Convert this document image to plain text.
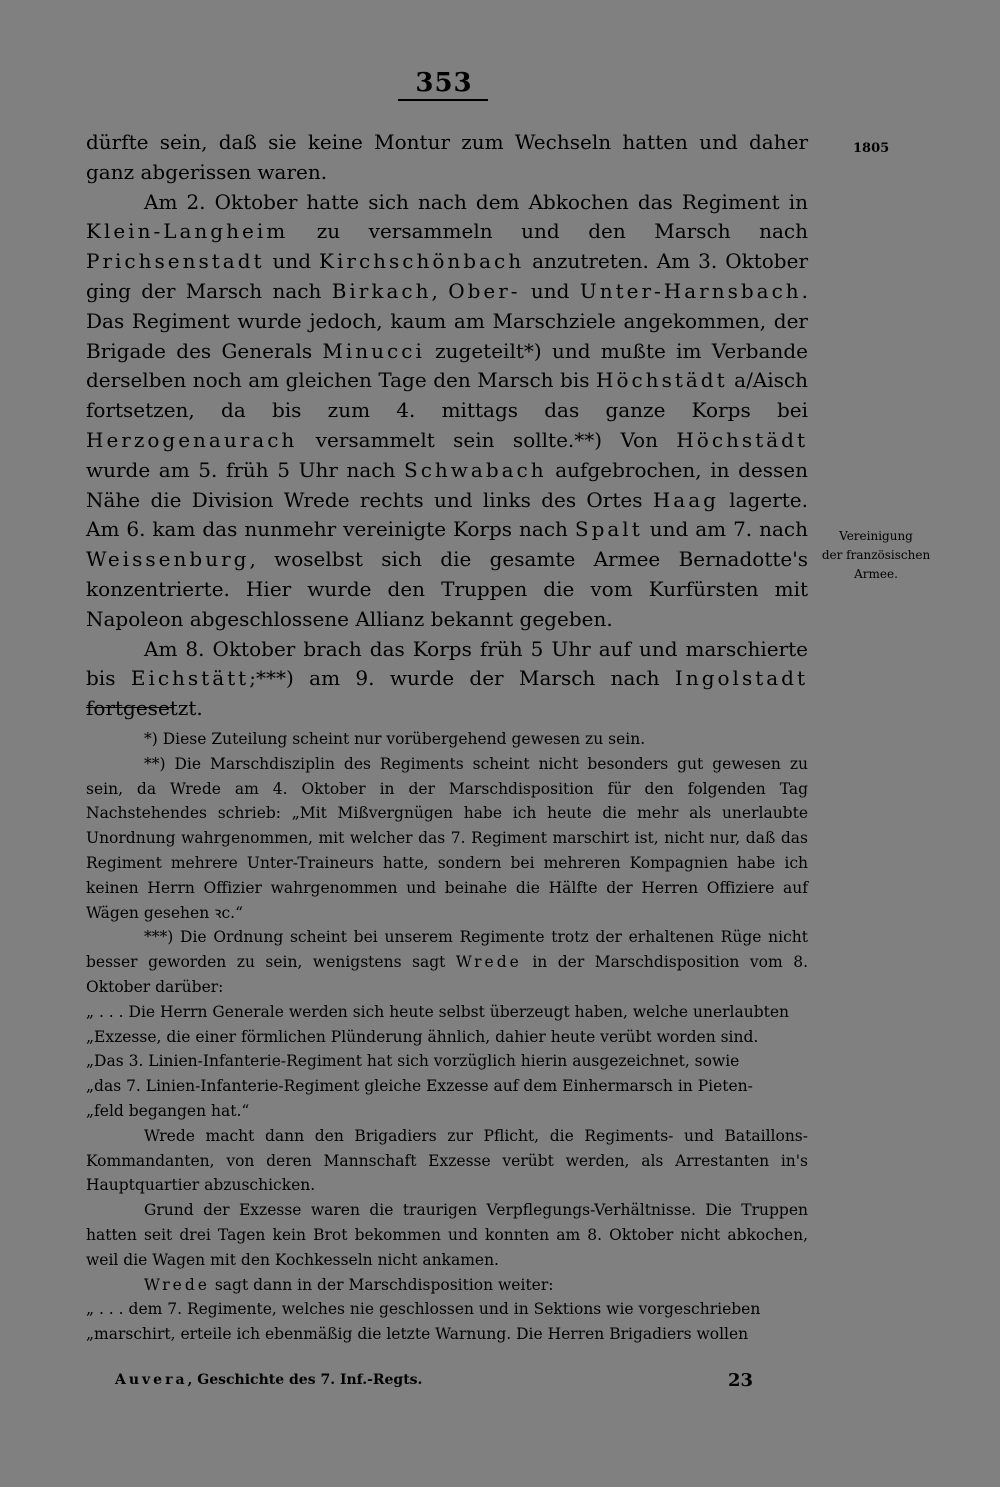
353
1805
Vereinigung
der französischen
Armee.

dürfte sein, daß sie keine Montur zum Wechseln hatten und daher ganz abgerissen waren.

Am 2. Oktober hatte sich nach dem Abkochen das Regiment in Klein-Langheim zu versammeln und den Marsch nach Prichsenstadt und Kirchschönbach anzutreten. Am 3. Oktober ging der Marsch nach Birkach, Ober- und Unter-Harnsbach. Das Regiment wurde jedoch, kaum am Marschziele angekommen, der Brigade des Generals Minucci zugeteilt*) und mußte im Verbande derselben noch am gleichen Tage den Marsch bis Höchstädt a/Aisch fortsetzen, da bis zum 4. mittags das ganze Korps bei Herzogenaurach versammelt sein sollte.**) Von Höchstädt wurde am 5. früh 5 Uhr nach Schwabach aufgebrochen, in dessen Nähe die Division Wrede rechts und links des Ortes Haag lagerte. Am 6. kam das nunmehr vereinigte Korps nach Spalt und am 7. nach Weissenburg, woselbst sich die gesamte Armee Bernadotte's konzentrierte. Hier wurde den Truppen die vom Kurfürsten mit Napoleon abgeschlossene Allianz bekannt gegeben.

Am 8. Oktober brach das Korps früh 5 Uhr auf und marschierte bis Eichstätt;***) am 9. wurde der Marsch nach Ingolstadt fortgesetzt.

*) Diese Zuteilung scheint nur vorübergehend gewesen zu sein.

**) Die Marschdisziplin des Regiments scheint nicht besonders gut gewesen zu sein, da Wrede am 4. Oktober in der Marschdisposition für den folgenden Tag Nachstehendes schrieb: „Mit Mißvergnügen habe ich heute die mehr als unerlaubte Unordnung wahrgenommen, mit welcher das 7. Regiment marschirt ist, nicht nur, daß das Regiment mehrere Unter-Traineurs hatte, sondern bei mehreren Kompagnien habe ich keinen Herrn Offizier wahrgenommen und beinahe die Hälfte der Herren Offiziere auf Wägen gesehen ꝛc.“

***) Die Ordnung scheint bei unserem Regimente trotz der erhaltenen Rüge nicht besser geworden zu sein, wenigstens sagt Wrede in der Marschdisposition vom 8. Oktober darüber:

„ . . . Die Herrn Generale werden sich heute selbst überzeugt haben, welche unerlaubten

„Exzesse, die einer förmlichen Plünderung ähnlich, dahier heute verübt worden sind.

„Das 3. Linien-Infanterie-Regiment hat sich vorzüglich hierin ausgezeichnet, sowie

„das 7. Linien-Infanterie-Regiment gleiche Exzesse auf dem Einhermarsch in Pieten-

„feld begangen hat.“

Wrede macht dann den Brigadiers zur Pflicht, die Regiments- und Bataillons-Kommandanten, von deren Mannschaft Exzesse verübt werden, als Arrestanten in's Hauptquartier abzuschicken.

Grund der Exzesse waren die traurigen Verpflegungs-Verhältnisse. Die Truppen hatten seit drei Tagen kein Brot bekommen und konnten am 8. Oktober nicht abkochen, weil die Wagen mit den Kochkesseln nicht ankamen.

Wrede sagt dann in der Marschdisposition weiter:

„ . . . dem 7. Regimente, welches nie geschlossen und in Sektions wie vorgeschrieben

„marschirt, erteile ich ebenmäßig die letzte Warnung. Die Herren Brigadiers wollen

Auvera, Geschichte des 7. Inf.-Regts.	23
